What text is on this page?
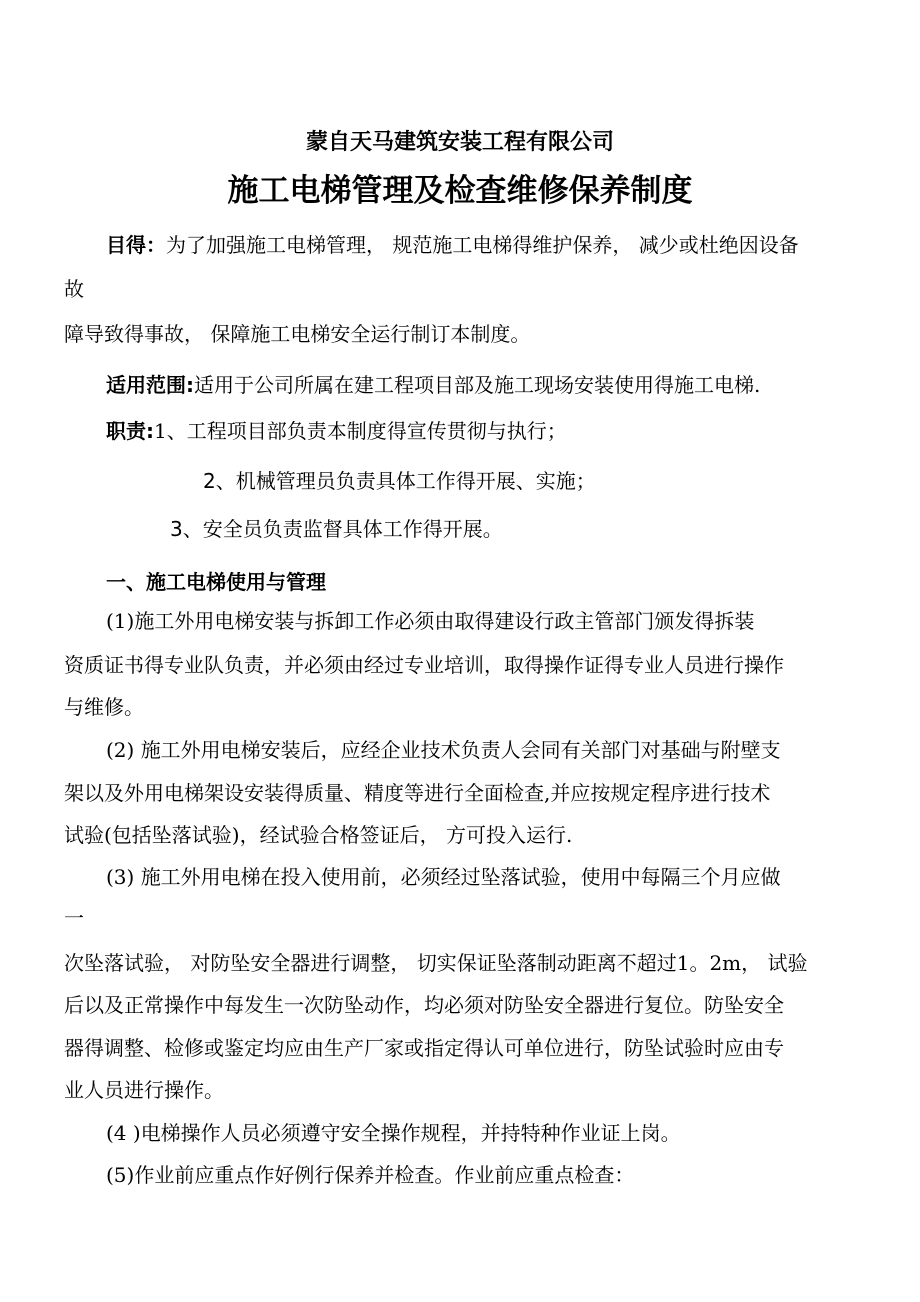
蒙自天马建筑安装工程有限公司
施工电梯管理及检查维修保养制度
目得：为了加强施工电梯管理， 规范施工电梯得维护保养， 减少或杜绝因设备
故
障导致得事故， 保障施工电梯安全运行制订本制度。
适用范围:适用于公司所属在建工程项目部及施工现场安装使用得施工电梯.
职责:1、工程项目部负责本制度得宣传贯彻与执行；
2、机械管理员负责具体工作得开展、实施；
3、安全员负责监督具体工作得开展。
一、施工电梯使用与管理
(1)施工外用电梯安装与拆卸工作必须由取得建设行政主管部门颁发得拆装
资质证书得专业队负责，并必须由经过专业培训，取得操作证得专业人员进行操作
与维修。
(2) 施工外用电梯安装后，应经企业技术负责人会同有关部门对基础与附壁支
架以及外用电梯架设安装得质量、精度等进行全面检查,并应按规定程序进行技术
试验(包括坠落试验)，经试验合格签证后， 方可投入运行.
(3) 施工外用电梯在投入使用前，必须经过坠落试验，使用中每隔三个月应做
一
次坠落试验， 对防坠安全器进行调整， 切实保证坠落制动距离不超过1。2m， 试验
后以及正常操作中每发生一次防坠动作，均必须对防坠安全器进行复位。防坠安全
器得调整、检修或鉴定均应由生产厂家或指定得认可单位进行，防坠试验时应由专
业人员进行操作。
(4 )电梯操作人员必须遵守安全操作规程，并持特种作业证上岗。
(5)作业前应重点作好例行保养并检查。作业前应重点检查：
